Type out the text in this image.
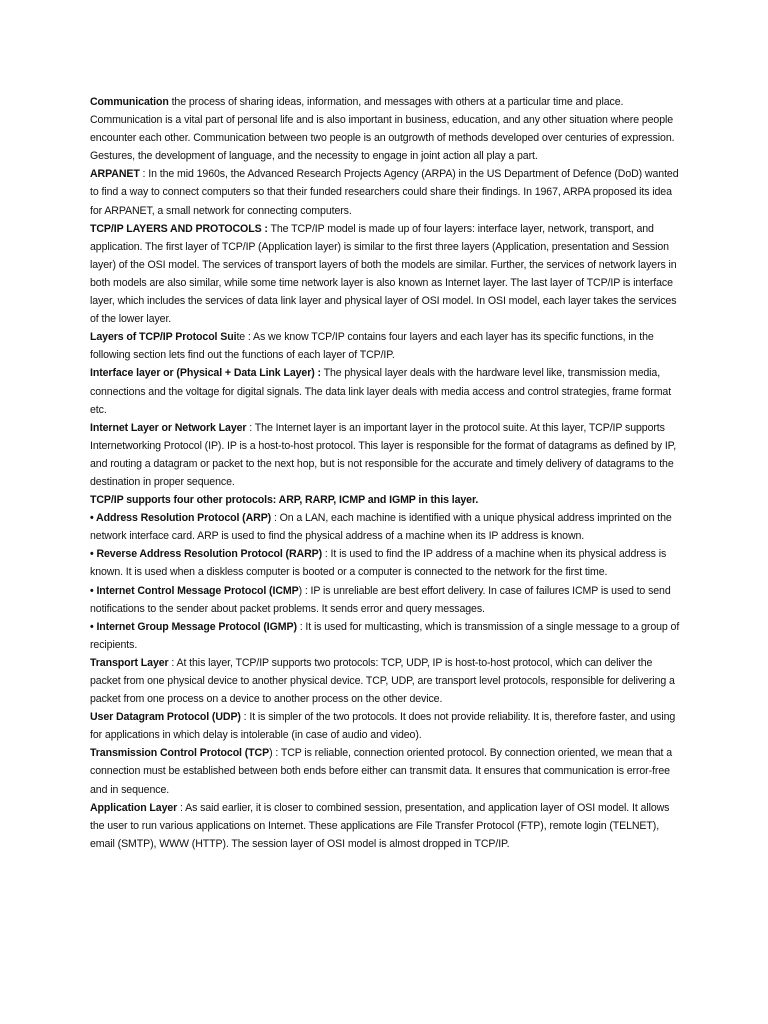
Communication the process of sharing ideas, information, and messages with others at a particular time and place. Communication is a vital part of personal life and is also important in business, education, and any other situation where people encounter each other. Communication between two people is an outgrowth of methods developed over centuries of expression. Gestures, the development of language, and the necessity to engage in joint action all play a part.

ARPANET : In the mid 1960s, the Advanced Research Projects Agency (ARPA) in the US Department of Defence (DoD) wanted to find a way to connect computers so that their funded researchers could share their findings. In 1967, ARPA proposed its idea for ARPANET, a small network for connecting computers.

TCP/IP LAYERS AND PROTOCOLS : The TCP/IP model is made up of four layers: interface layer, network, transport, and application. The first layer of TCP/IP (Application layer) is similar to the first three layers (Application, presentation and Session layer) of the OSI model. The services of transport layers of both the models are similar. Further, the services of network layers in both models are also similar, while some time network layer is also known as Internet layer. The last layer of TCP/IP is interface layer, which includes the services of data link layer and physical layer of OSI model. In OSI model, each layer takes the services of the lower layer.

Layers of TCP/IP Protocol Suite : As we know TCP/IP contains four layers and each layer has its specific functions, in the following section lets find out the functions of each layer of TCP/IP.

Interface layer or (Physical + Data Link Layer) : The physical layer deals with the hardware level like, transmission media, connections and the voltage for digital signals. The data link layer deals with media access and control strategies, frame format etc.

Internet Layer or Network Layer : The Internet layer is an important layer in the protocol suite. At this layer, TCP/IP supports Internetworking Protocol (IP). IP is a host-to-host protocol. This layer is responsible for the format of datagrams as defined by IP, and routing a datagram or packet to the next hop, but is not responsible for the accurate and timely delivery of datagrams to the destination in proper sequence.

TCP/IP supports four other protocols: ARP, RARP, ICMP and IGMP in this layer.

• Address Resolution Protocol (ARP) : On a LAN, each machine is identified with a unique physical address imprinted on the network interface card. ARP is used to find the physical address of a machine when its IP address is known.

• Reverse Address Resolution Protocol (RARP) : It is used to find the IP address of a machine when its physical address is known. It is used when a diskless computer is booted or a computer is connected to the network for the first time.

• Internet Control Message Protocol (ICMP) : IP is unreliable are best effort delivery. In case of failures ICMP is used to send notifications to the sender about packet problems. It sends error and query messages.

• Internet Group Message Protocol (IGMP) : It is used for multicasting, which is transmission of a single message to a group of recipients.

Transport Layer : At this layer, TCP/IP supports two protocols: TCP, UDP, IP is host-to-host protocol, which can deliver the packet from one physical device to another physical device. TCP, UDP, are transport level protocols, responsible for delivering a packet from one process on a device to another process on the other device.

User Datagram Protocol (UDP) : It is simpler of the two protocols. It does not provide reliability. It is, therefore faster, and using for applications in which delay is intolerable (in case of audio and video).

Transmission Control Protocol (TCP) : TCP is reliable, connection oriented protocol. By connection oriented, we mean that a connection must be established between both ends before either can transmit data. It ensures that communication is error-free and in sequence.

Application Layer : As said earlier, it is closer to combined session, presentation, and application layer of OSI model. It allows the user to run various applications on Internet. These applications are File Transfer Protocol (FTP), remote login (TELNET), email (SMTP), WWW (HTTP). The session layer of OSI model is almost dropped in TCP/IP.
